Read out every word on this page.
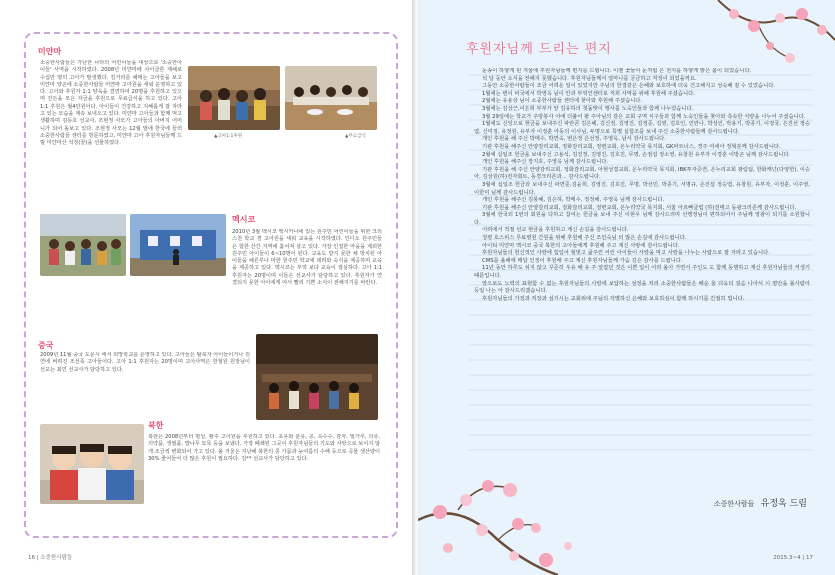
미얀마
소중한사람들은 가난한 나라의 어린이들을 대상으로 '소중한아이들' 사역을 시작하였다. 2008년 미얀마에 사이클론 재해로 수십만 명의 고아가 발생했다. 김거리를 헤매는 고아들을 보고 미얀마 양곤에 소중한사람들 미얀마 고아원을 세워 운영하고 있다. 고아와 후원자 1:1 양육을 결연하여 20명을 후원하고 있으며 잔든을 모은 자금을 후원으로 무료급식을 하고 있다. 고아 1:1 후원은 월4만원이다. 아이들이 건강하고 지혜롭게 잘 자라고 있는 모습을 계속 보내오고 있다. 미얀마 고아들과 함께 먹고 생활하며 김동호 선교사, 조현정 사모가 고아들의 아버지 어머니가 되어 돌보고 있다. 조현정 사모는 12월 말에 한국에 들러 소중한사람들 센터를 방문하였고, 미얀마 고아 후원자님들께 드릴 미얀마산 석청(꿀)을 선물하였다.
▲고아1:1후원	▲무료급식
멕시코
2010년 3월 멕시코 멕시카나에 있는 원주민 어린이들을 위한 크리스천 학교 겸 고아원을 세워 교육을 시작하였다. 인디오 원주민들은 험한 산간 지역에 흩어져 살고 있다. 가장 인접한 마을을 제외한 원주민 아이들이 6~10명이 된다. 교육도 받지 못한 채 방치된 아이들을 헤른루나 마한 원주민 학교에 데려와 숙식을 제공하며 교육을 제공하고 있다. 멕시코는 부엌 보다 교육이 절실하다. 고아 1:1 후원자는 20명이며 이들은 선교사가 담당하고 있다. 후원자가 연결되지 못한 아이에게 여서 빨리 기쁜 소식이 전해지기를 바란다.
중국
2009년 11월 중국 도문시 에서 희망학교를 운영하고 있다. 고아들은 탈북자 아이들이거나 원연에 버려진 조선족 고아들이다. 고아 1:1 후원자는 20명이며 고아사역은 한철원 원장님이 선교는 최민 선교사가 담당하고 있다.
북한
북한은 2008년부터 평성, 황주 고아원을 후원하고 있다. 초유와 분유, 콩, 옥수수, 감자, 밀가루, 의류, 의약품, 생필품, 밥나무 묘목 등을 보냈다. 가장 폐쇄된 그곳이 후원자님들의 기도와 사랑으로 보이지 않게 조금씩 변화되어 가고 있다. 올 겨울은 지난해 북한의 콩 가뭄과 늦여름의 수해 등으로 곡물 생산량이 30% 줄어들어 더 많은 후원이 필요하다. 김** 선교사가 담당하고 있다.
16 | 소중한사람들
후원자님께 드리는 편지

눈송이 하얗게 핀 겨울에 후원자님들께 편지를 드립니다. 이젠 꽃들이 눈처럼 온 천지를 하얗게 밝은 봄이 되었습니다.

석 달 동안 소식을 전해지 못했습니다. 후원자님들께서 얼마나를 궁금하고 걱정이 되었을까요.

그동안 소중한사람들이 조금 어려운 일이 있었지만 주님의 한결같은 은혜와 보호하에 더욱 건고해지고 성숙해 질 수 있었습니다.

1월에는 변이 비국에서 박영옥 님이 안과 부엌인센터로 저희 사역을 위해 후원해 주셨습니다.

2월에는 유용상 님이 소중한사람들 센터에 찾아와 후원해 주셨습니다.

3월에는 김상근,이은희 부부가 앞 김유하의 첫돌맞이 행사를 노숙인들과 함께 나누었습니다.

3월 29일에는 학교가 주방봉사 어에 더불어 팥 주아님의 같은 교회 구역 식구들과 함께 노숙인들을 찾아와 측속한 식량을 나누어 주셨습니다.

1월에도 신앙으로 현금을 보내주신 파란콘 김은혜, 김신정, 김영진, 김정준, 김영, 김호인, 민란나, 박성인, 박용기, 박종기, 이정국, 은진선 정승엽, 신미정, 유정원, 유부자 이정훈 아동의 이사님, 두명으로 특별 실험조를 보내 주신 소중한사람들께 감사드립니다.

개인 후원을 해 주신 박매수, 박면숙, 변은정 은선정, 주영옥, 남서 감사드립니다.

기관 후원을 해주신 안양감리교회, 정화감리교회, 정변교회, 온누리약국 목지회, GK파트너스, 경주 여세아 정혁분께 감사드립니다.

2월에 십일조 헌금을 보내주신 고용석, 김진정, 김영진, 김호진, 무명, 손점섭 정소영, 유창원 유부자 이경훈 이방곤 님께 감사드립니다.

개인 후원을 해주신 장지호, 주영옥 님께 감사드립니다.

기관 후원을 해 주신 안양감리교회, 정화감리교회, 아현성결교회, 온누리약국 목지회, IBK투자증권, 온누리교회 광림팀, 한화캐넌(다양한), 이승아, 김상원(하)전자회트, 동경크리존과... 감사드립니다.

3월에 십일조 헌금과 보내주신 파면준,김윤희, 김영진, 김호진, 무명, 박선민, 박종기, 서명규, 손진섭 정승엽, 유창원, 유부자, 이정훈, 이주영, 이한미 님께 감사드립니다.

개인 후원을 해주신 김봉혜, 김은하, 박매수, 정정해, 주영옥 님께 감사드립니다.

기관 후원을 해주신 안양감리교회, 정화감리교회, 정변교회, 온누리약국 목지회, 서울 아르빠클럽 (하)전태고 동광크리존께 감사드립니다.

3월에 한국외 1번의 회원을 다하고 참여는 헌금을 보내 주신 이현우 님께 감사드리며 선행정님이 편하되어서 주님께 영광이 되기를 소원합니다.

어려에서 적절 선교 현금을 후원하고 계신 손길을 감사드립니다.

청평 호스피스 무료병원 간원을 위해 후원해 주신 조민숙님 외 많은 손길에 감사드립니다.

아이티 미얀마 멕시코 중국 북한의 고아들에게 후원해 주고 계신 사랑에 감사드립니다.

후원자님들의 헌신적인 사랑에 힘입어 헐벗고 굶주린 어린 아이들이 사랑을 먹고 사랑을 나누는 사람으로 잘 자라고 있습니다.

CMS를 올해에 매달 인정이 후원해 주고 계신 후원자님들께 가슴 깊은 감사를 드립니다.

11년 동안 하루도 쉬지 않고 꾸준히 우유 배 유 주 앞잡던 것은 이쁜 일이 어려 올아 가면서 주인도 도 함께 동행하고 계신 후원자님들의 저생기 때문입니다.

앞으로도 노력의 표현함 수 없는 후원자님들의 사랑에 보답하는 섬정을 처리 소중한사람들은 배운 울 더욱더 걸음 나아서 시 평안을 볼사람아 등일 나는 아 감사드리겠습니다.

후원자님들의 가정과 직장과 섬기시는 교회위에 주님의 각별하신 은혜와 보호하심이 함께 하시기를 간절히 빕니다.

소중한사람들 유정옥 드림
2015.3~4 | 17
